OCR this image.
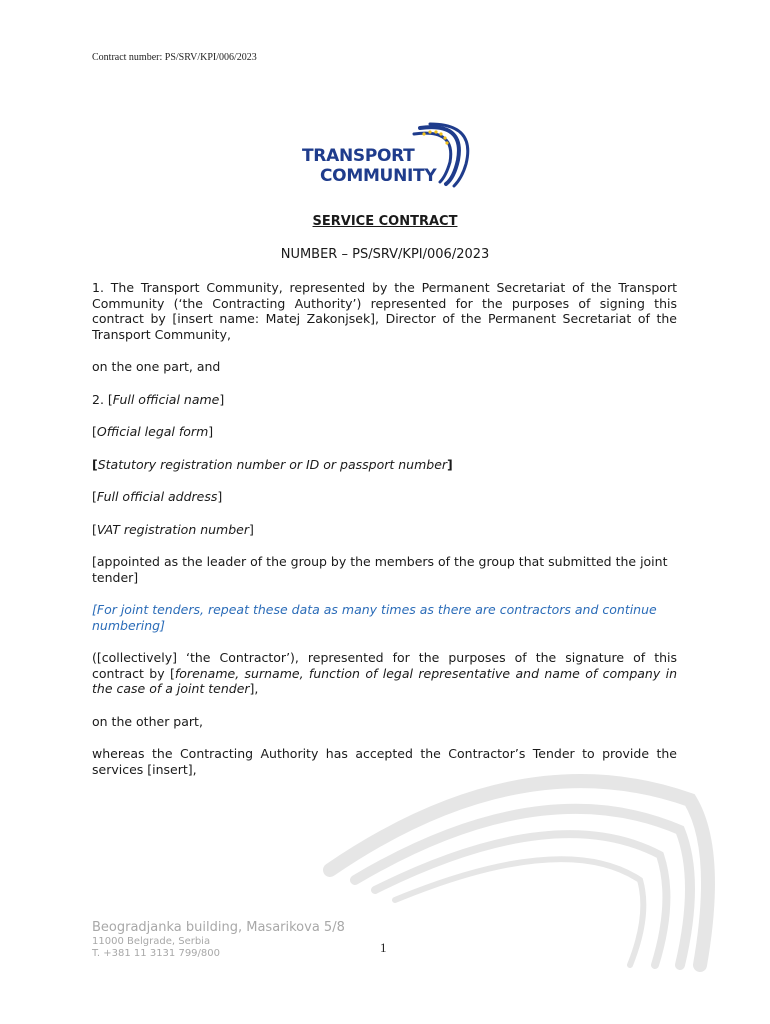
Contract number: PS/SRV/KPI/006/2023
TRANSPORT
COMMUNITY
SERVICE CONTRACT
NUMBER – PS/SRV/KPI/006/2023

1. The Transport Community, represented by the Permanent Secretariat of the Transport Community (‘the Contracting Authority’) represented for the purposes of signing this contract by [insert name: Matej Zakonjsek], Director of the Permanent Secretariat of the Transport Community,

on the one part, and

2. [Full official name]

[Official legal form]

[Statutory registration number or ID or passport number]

[Full official address]

[VAT registration number]

[appointed as the leader of the group by the members of the group that submitted the joint tender]

[For joint tenders, repeat these data as many times as there are contractors and continue numbering]

([collectively] ‘the Contractor’), represented for the purposes of the signature of this contract by [forename, surname, function of legal representative and name of company in the case of a joint tender],

on the other part,

whereas the Contracting Authority has accepted the Contractor’s Tender to provide the services [insert],

Beogradjanka building, Masarikova 5/8
11000 Belgrade, Serbia
T. +381 11 3131 799/800	1
